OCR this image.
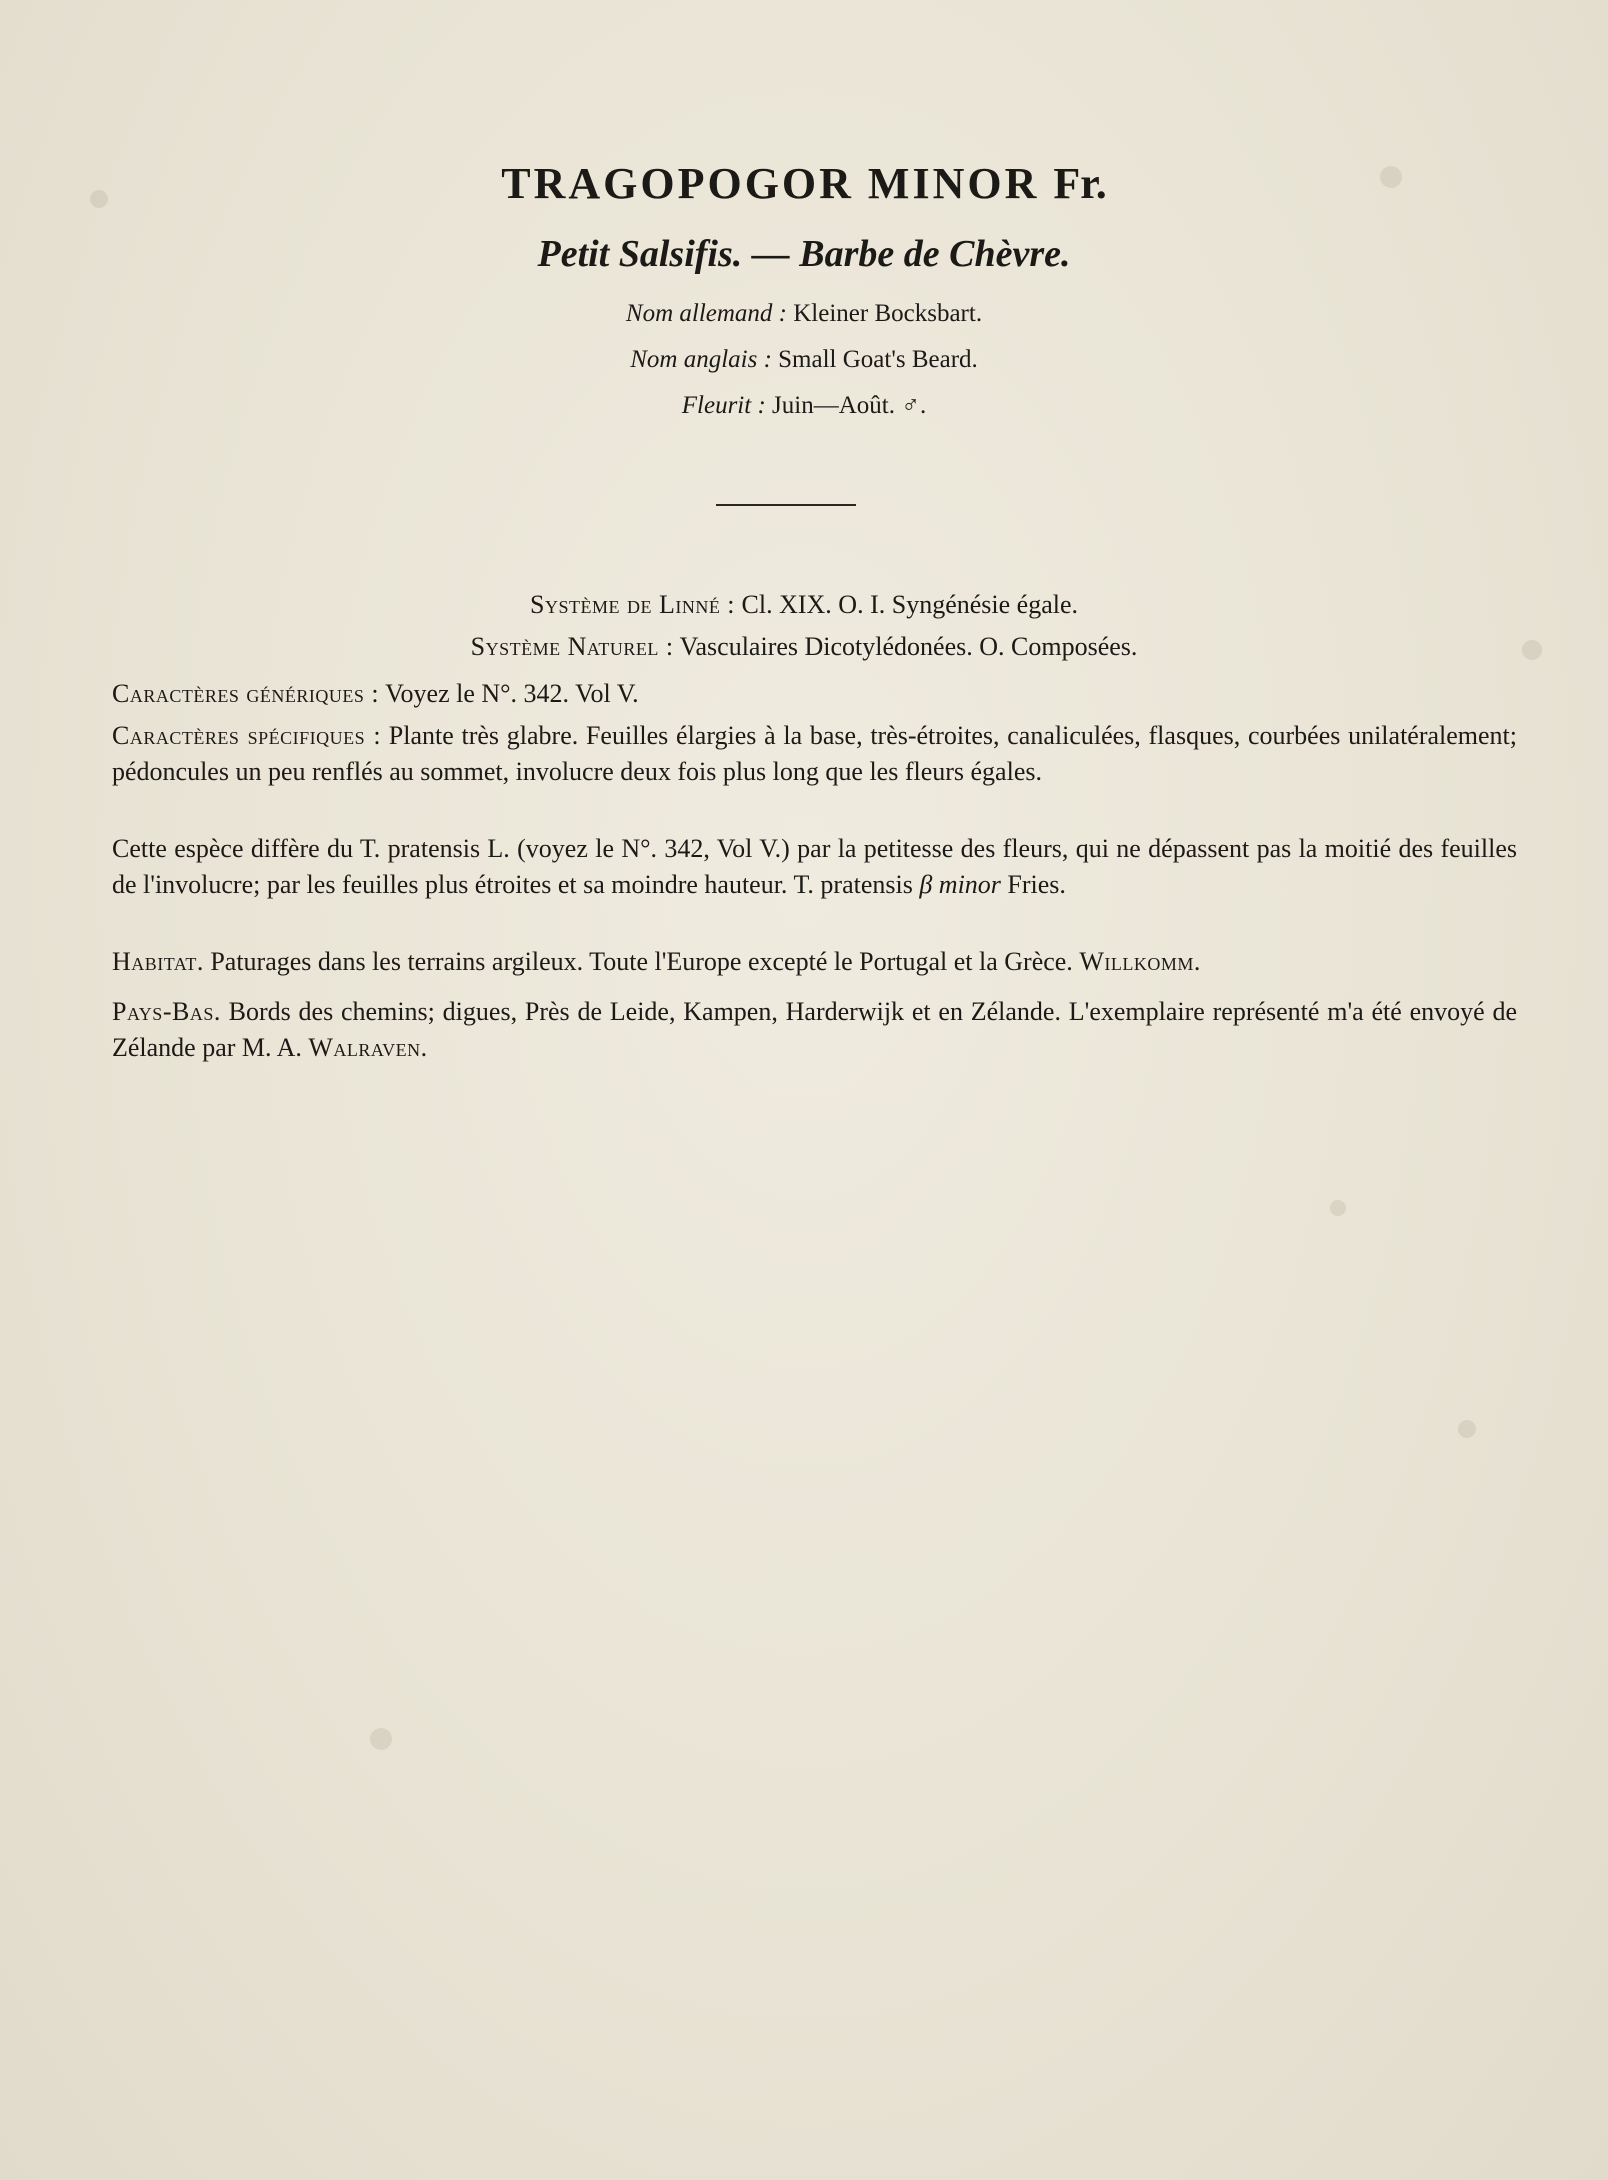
TRAGOPOGOR MINOR Fr.
Petit Salsifis. — Barbe de Chèvre.
Nom allemand : Kleiner Bocksbart.
Nom anglais : Small Goat's Beard.
Fleurit : Juin—Août. ♂.
Système de Linné : Cl. XIX. O. I. Syngénésie égale.
Système Naturel : Vasculaires Dicotylédonées. O. Composées.

Caractères génériques : Voyez le N°. 342. Vol V.

Caractères spécifiques : Plante très glabre. Feuilles élargies à la base, très-étroites, canaliculées, flasques, courbées unilatéralement; pédoncules un peu renflés au sommet, involucre deux fois plus long que les fleurs égales.

Cette espèce diffère du T. pratensis L. (voyez le N°. 342, Vol V.) par la petitesse des fleurs, qui ne dépassent pas la moitié des feuilles de l'involucre; par les feuilles plus étroites et sa moindre hauteur. T. pratensis β minor Fries.

Habitat. Paturages dans les terrains argileux. Toute l'Europe excepté le Portugal et la Grèce. Willkomm.

Pays-Bas. Bords des chemins; digues, Près de Leide, Kampen, Harderwijk et en Zélande. L'exemplaire représenté m'a été envoyé de Zélande par M. A. Walraven.
